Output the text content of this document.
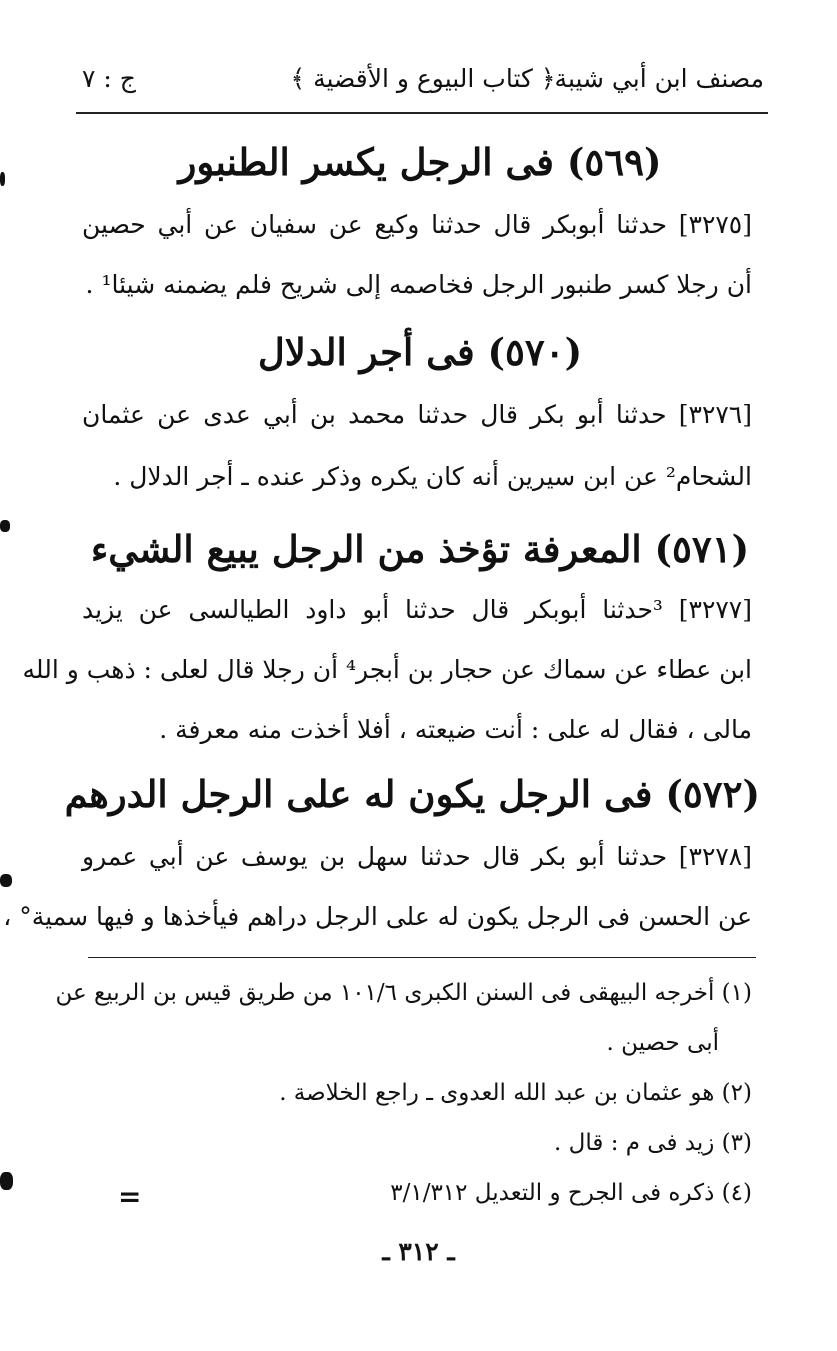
مصنف ابن أبي شيبة
﴿ كتاب البيوع و الأقضية ﴾
ج : ٧
(٥٦٩) فى الرجل يكسر الطنبور
[٣٢٧٥] حدثنا أبوبكر قال حدثنا وكيع عن سفيان عن أبي حصين
أن رجلا كسر طنبور الرجل فخاصمه إلى شريح فلم يضمنه شيئا¹ .
(٥٧٠) فى أجر الدلال
[٣٢٧٦] حدثنا أبو بكر قال حدثنا محمد بن أبي عدى عن عثمان
الشحام² عن ابن سيرين أنه كان يكره وذكر عنده ـ أجر الدلال .
(٥٧١) المعرفة تؤخذ من الرجل يبيع الشيء
[٣٢٧٧] ³حدثنا أبوبكر قال حدثنا أبو داود الطيالسى عن يزيد
ابن عطاء عن سماك عن حجار بن أبجر⁴ أن رجلا قال لعلى : ذهب و الله
مالى ، فقال له على : أنت ضيعته ، أفلا أخذت منه معرفة .
(٥٧٢) فى الرجل يكون له على الرجل الدرهم
[٣٢٧٨] حدثنا أبو بكر قال حدثنا سهل بن يوسف عن أبي عمرو
عن الحسن فى الرجل يكون له على الرجل دراهم فيأخذها و فيها سمية° ،
(١) أخرجه البيهقى فى السنن الكبرى ١٠١/٦ من طريق قيس بن الربيع عن
أبى حصين .
(٢) هو عثمان بن عبد الله العدوى ـ راجع الخلاصة .
(٣) زيد فى م : قال .
(٤) ذكره فى الجرح و التعديل ٣/١/٣١٢
=
ـ ٣١٢ ـ
